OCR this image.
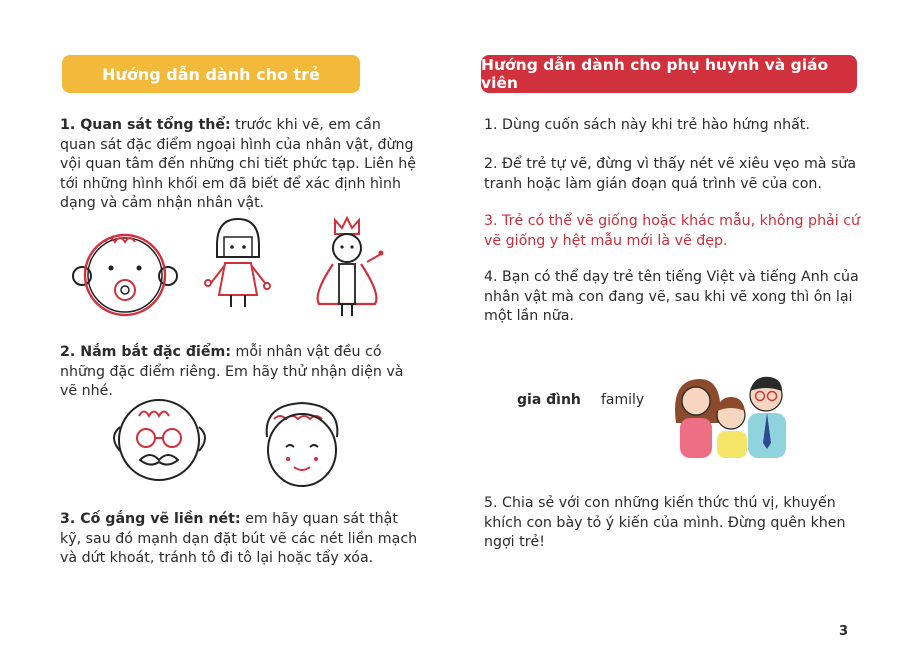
Hướng dẫn dành cho trẻ	Hướng dẫn dành cho phụ huynh và giáo viên

1. Quan sát tổng thể: trước khi vẽ, em cần quan sát đặc điểm ngoại hình của nhân vật, đừng vội quan tâm đến những chi tiết phức tạp. Liên hệ tới những hình khối em đã biết để xác định hình dạng và cảm nhận nhân vật.

2. Nắm bắt đặc điểm: mỗi nhân vật đều có những đặc điểm riêng. Em hãy thử nhận diện và vẽ nhé.

3. Cố gắng vẽ liền nét: em hãy quan sát thật kỹ, sau đó mạnh dạn đặt bút vẽ các nét liền mạch và dứt khoát, tránh tô đi tô lại hoặc tẩy xóa.

1. Dùng cuốn sách này khi trẻ hào hứng nhất.

2. Để trẻ tự vẽ, đừng vì thấy nét vẽ xiêu vẹo mà sửa tranh hoặc làm gián đoạn quá trình vẽ của con.

3. Trẻ có thể vẽ giống hoặc khác mẫu, không phải cứ vẽ giống y hệt mẫu mới là vẽ đẹp.

4. Bạn có thể dạy trẻ tên tiếng Việt và tiếng Anh của nhân vật mà con đang vẽ, sau khi vẽ xong thì ôn lại một lần nữa.

gia đình family

5. Chia sẻ với con những kiến thức thú vị, khuyến khích con bày tỏ ý kiến của mình. Đừng quên khen ngợi trẻ!

3
